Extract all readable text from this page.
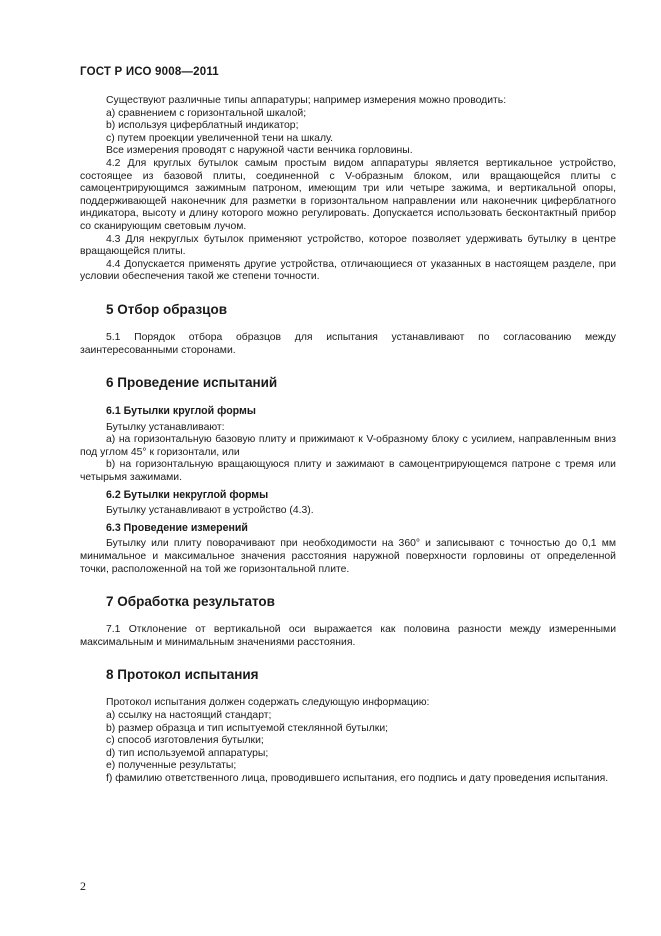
ГОСТ Р ИСО 9008—2011

Существуют различные типы аппаратуры; например измерения можно проводить:

а) сравнением с горизонтальной шкалой;

b) используя циферблатный индикатор;

с) путем проекции увеличенной тени на шкалу.

Все измерения проводят с наружной части венчика горловины.

4.2 Для круглых бутылок самым простым видом аппаратуры является вертикальное устройство, состоящее из базовой плиты, соединенной с V-образным блоком, или вращающейся плиты с самоцентрирующимся зажимным патроном, имеющим три или четыре зажима, и вертикальной опоры, поддерживающей наконечник для разметки в горизонтальном направлении или наконечник циферблатного индикатора, высоту и длину которого можно регулировать. Допускается использовать бесконтактный прибор со сканирующим световым лучом.

4.3 Для некруглых бутылок применяют устройство, которое позволяет удерживать бутылку в центре вращающейся плиты.

4.4 Допускается применять другие устройства, отличающиеся от указанных в настоящем разделе, при условии обеспечения такой же степени точности.

5 Отбор образцов

5.1 Порядок отбора образцов для испытания устанавливают по согласованию между заинтересованными сторонами.

6 Проведение испытаний
6.1 Бутылки круглой формы

Бутылку устанавливают:

а) на горизонтальную базовую плиту и прижимают к V-образному блоку с усилием, направленным вниз под углом 45° к горизонтали, или

b) на горизонтальную вращающуюся плиту и зажимают в самоцентрирующемся патроне с тремя или четырьмя зажимами.

6.2 Бутылки некруглой формы

Бутылку устанавливают в устройство (4.3).

6.3 Проведение измерений

Бутылку или плиту поворачивают при необходимости на 360° и записывают с точностью до 0,1 мм минимальное и максимальное значения расстояния наружной поверхности горловины от определенной точки, расположенной на той же горизонтальной плите.

7 Обработка результатов

7.1 Отклонение от вертикальной оси выражается как половина разности между измеренными максимальным и минимальным значениями расстояния.

8 Протокол испытания

Протокол испытания должен содержать следующую информацию:

а) ссылку на настоящий стандарт;

b) размер образца и тип испытуемой стеклянной бутылки;

с) способ изготовления бутылки;

d) тип используемой аппаратуры;

е) полученные результаты;

f) фамилию ответственного лица, проводившего испытания, его подпись и дату проведения испытания.

2
